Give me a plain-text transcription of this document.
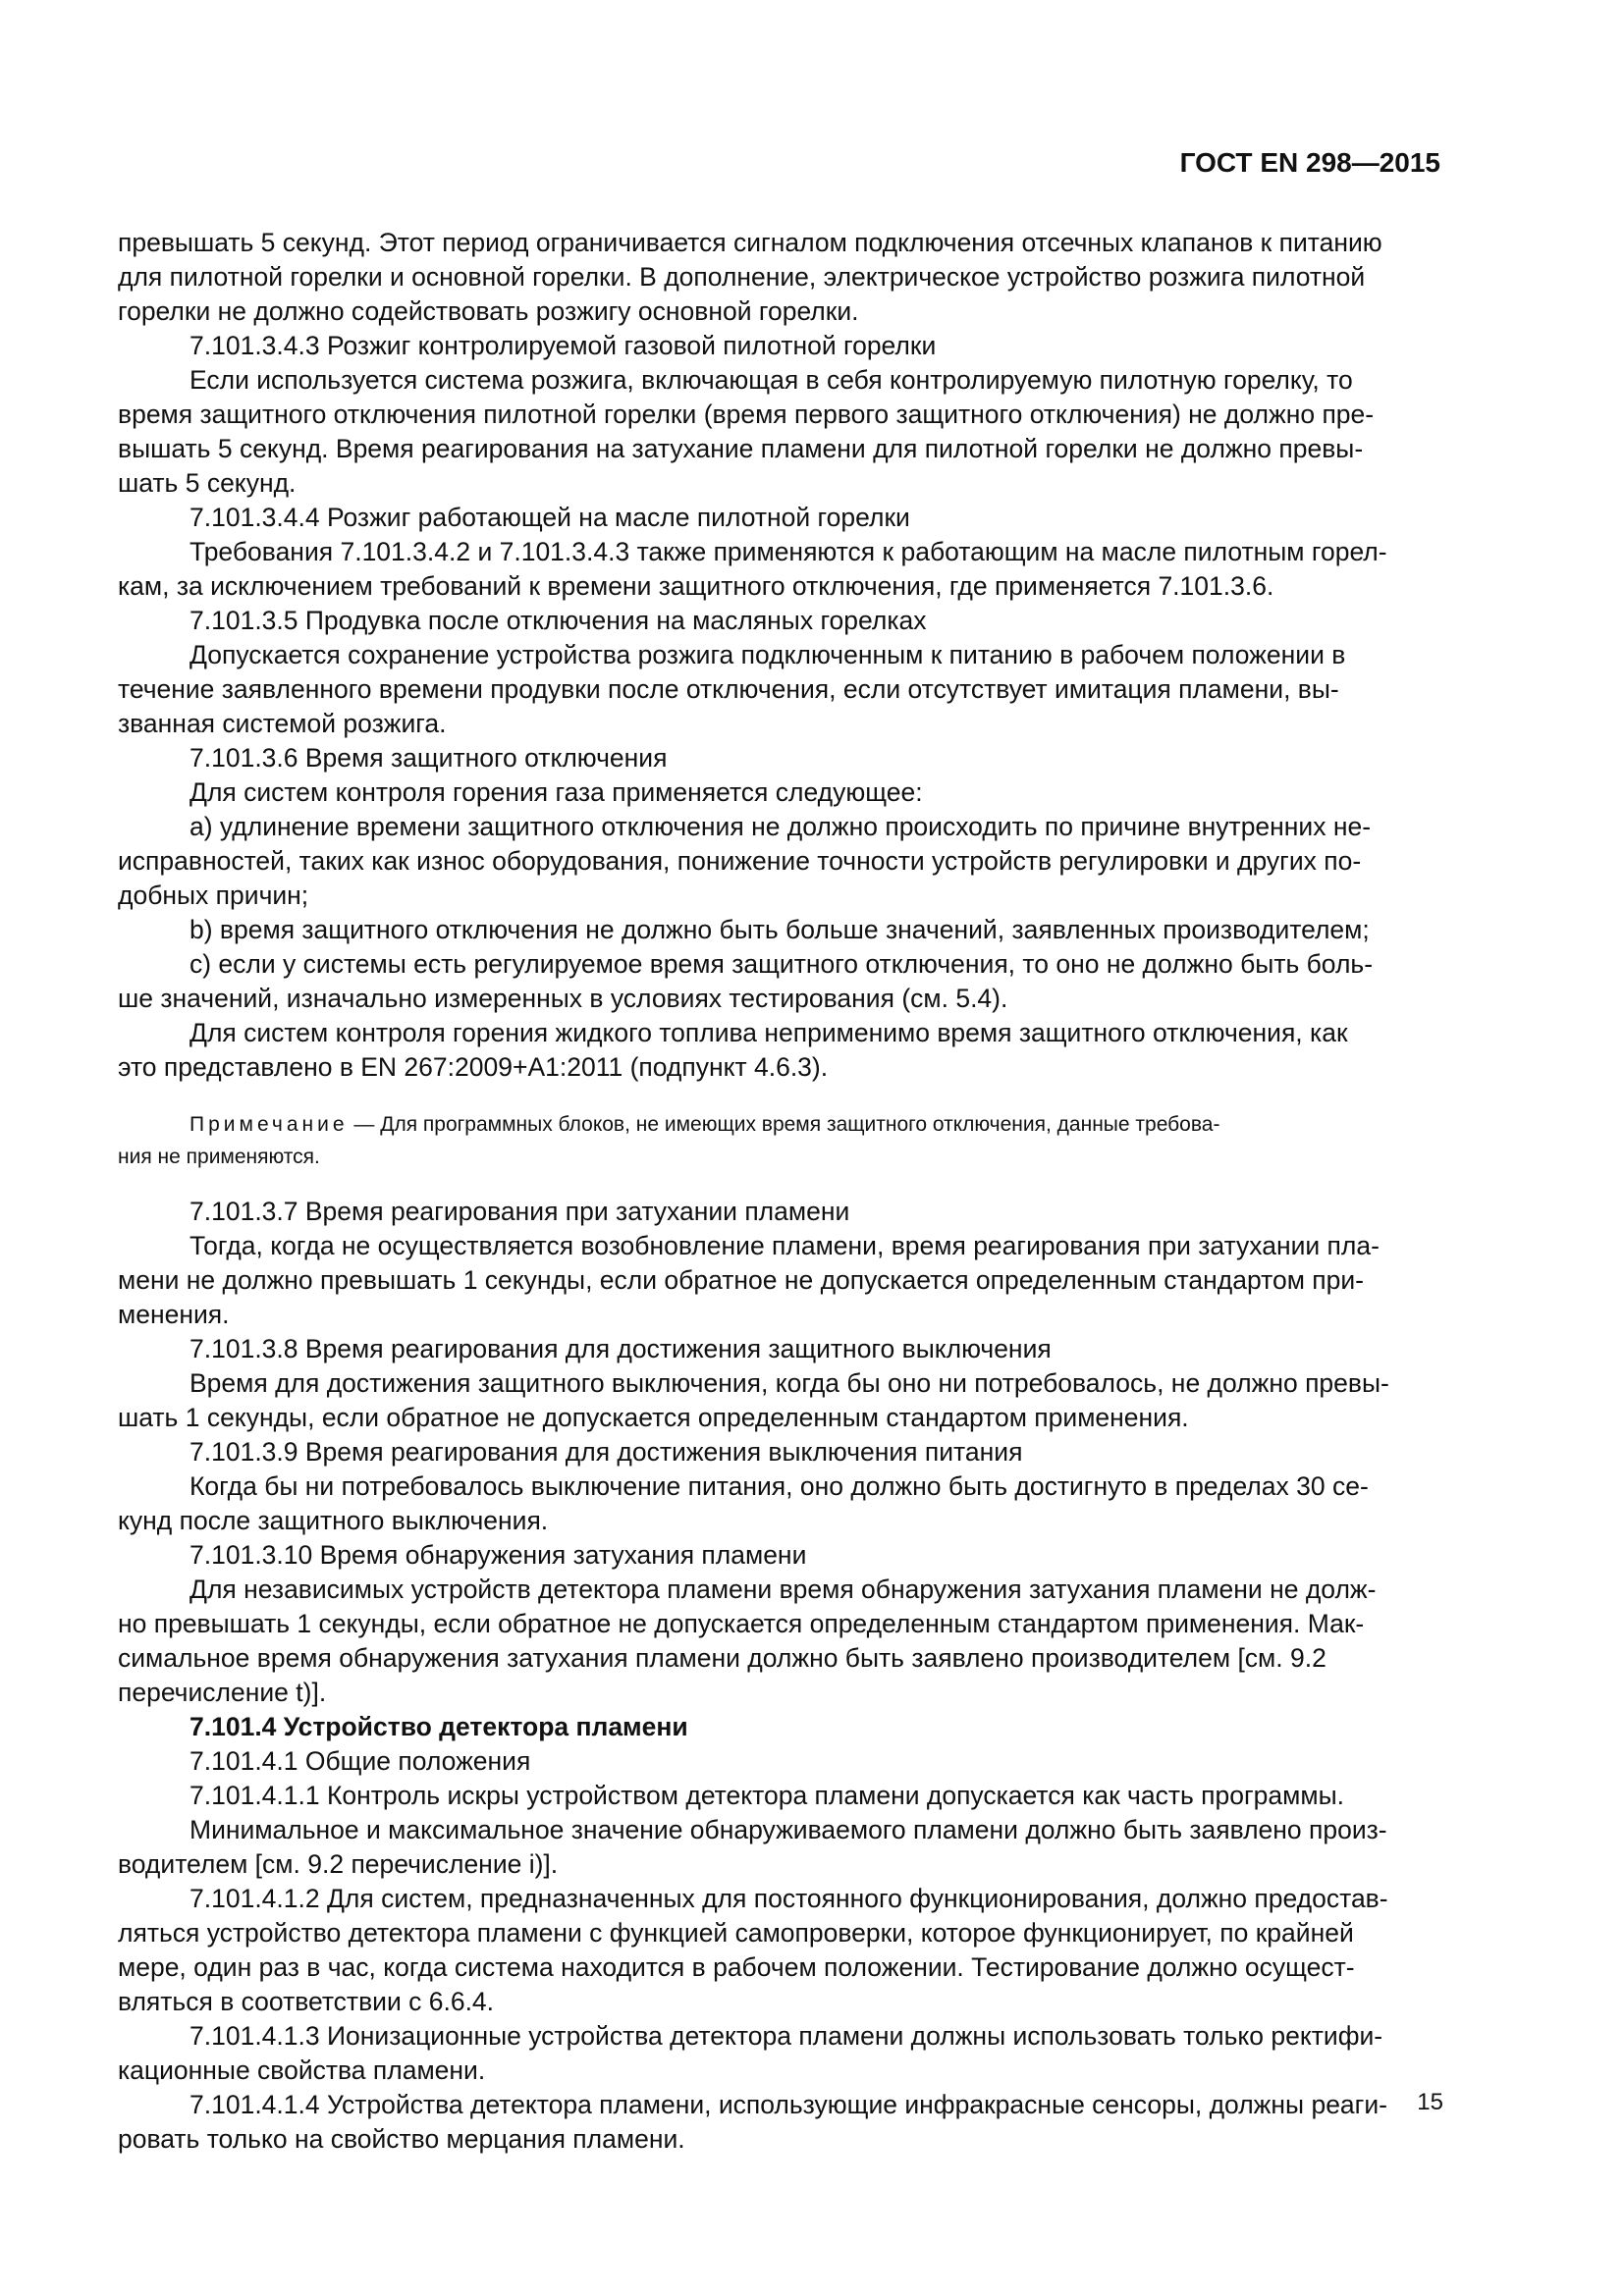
ГОСТ EN 298—2015

превышать 5 секунд. Этот период ограничивается сигналом подключения отсечных клапанов к питанию
для пилотной горелки и основной горелки. В дополнение, электрическое устройство розжига пилотной
горелки не должно содействовать розжигу основной горелки.

7.101.3.4.3 Розжиг контролируемой газовой пилотной горелки

Если используется система розжига, включающая в себя контролируемую пилотную горелку, то
время защитного отключения пилотной горелки (время первого защитного отключения) не должно пре-
вышать 5 секунд. Время реагирования на затухание пламени для пилотной горелки не должно превы-
шать 5 секунд.

7.101.3.4.4 Розжиг работающей на масле пилотной горелки

Требования 7.101.3.4.2 и 7.101.3.4.3 также применяются к работающим на масле пилотным горел-
кам, за исключением требований к времени защитного отключения, где применяется 7.101.3.6.

7.101.3.5 Продувка после отключения на масляных горелках

Допускается сохранение устройства розжига подключенным к питанию в рабочем положении в
течение заявленного времени продувки после отключения, если отсутствует имитация пламени, вы-
званная системой розжига.

7.101.3.6 Время защитного отключения

Для систем контроля горения газа применяется следующее:

a) удлинение времени защитного отключения не должно происходить по причине внутренних не-
исправностей, таких как износ оборудования, понижение точности устройств регулировки и других по-
добных причин;

b) время защитного отключения не должно быть больше значений, заявленных производителем;

c) если у системы есть регулируемое время защитного отключения, то оно не должно быть боль-
ше значений, изначально измеренных в условиях тестирования (см. 5.4).

Для систем контроля горения жидкого топлива неприменимо время защитного отключения, как
это представлено в EN 267:2009+A1:2011 (подпункт 4.6.3).

Примечание — Для программных блоков, не имеющих время защитного отключения, данные требова-
ния не применяются.

7.101.3.7 Время реагирования при затухании пламени

Тогда, когда не осуществляется возобновление пламени, время реагирования при затухании пла-
мени не должно превышать 1 секунды, если обратное не допускается определенным стандартом при-
менения.

7.101.3.8 Время реагирования для достижения защитного выключения

Время для достижения защитного выключения, когда бы оно ни потребовалось, не должно превы-
шать 1 секунды, если обратное не допускается определенным стандартом применения.

7.101.3.9 Время реагирования для достижения выключения питания

Когда бы ни потребовалось выключение питания, оно должно быть достигнуто в пределах 30 се-
кунд после защитного выключения.

7.101.3.10 Время обнаружения затухания пламени

Для независимых устройств детектора пламени время обнаружения затухания пламени не долж-
но превышать 1 секунды, если обратное не допускается определенным стандартом применения. Мак-
симальное время обнаружения затухания пламени должно быть заявлено производителем [см. 9.2
перечисление t)].

7.101.4 Устройство детектора пламени

7.101.4.1 Общие положения

7.101.4.1.1 Контроль искры устройством детектора пламени допускается как часть программы.

Минимальное и максимальное значение обнаруживаемого пламени должно быть заявлено произ-
водителем [см. 9.2 перечисление i)].

7.101.4.1.2 Для систем, предназначенных для постоянного функционирования, должно предостав-
ляться устройство детектора пламени с функцией самопроверки, которое функционирует, по крайней
мере, один раз в час, когда система находится в рабочем положении. Тестирование должно осущест-
вляться в соответствии с 6.6.4.

7.101.4.1.3 Ионизационные устройства детектора пламени должны использовать только ректифи-
кационные свойства пламени.

7.101.4.1.4 Устройства детектора пламени, использующие инфракрасные сенсоры, должны реаги-
ровать только на свойство мерцания пламени.

15
